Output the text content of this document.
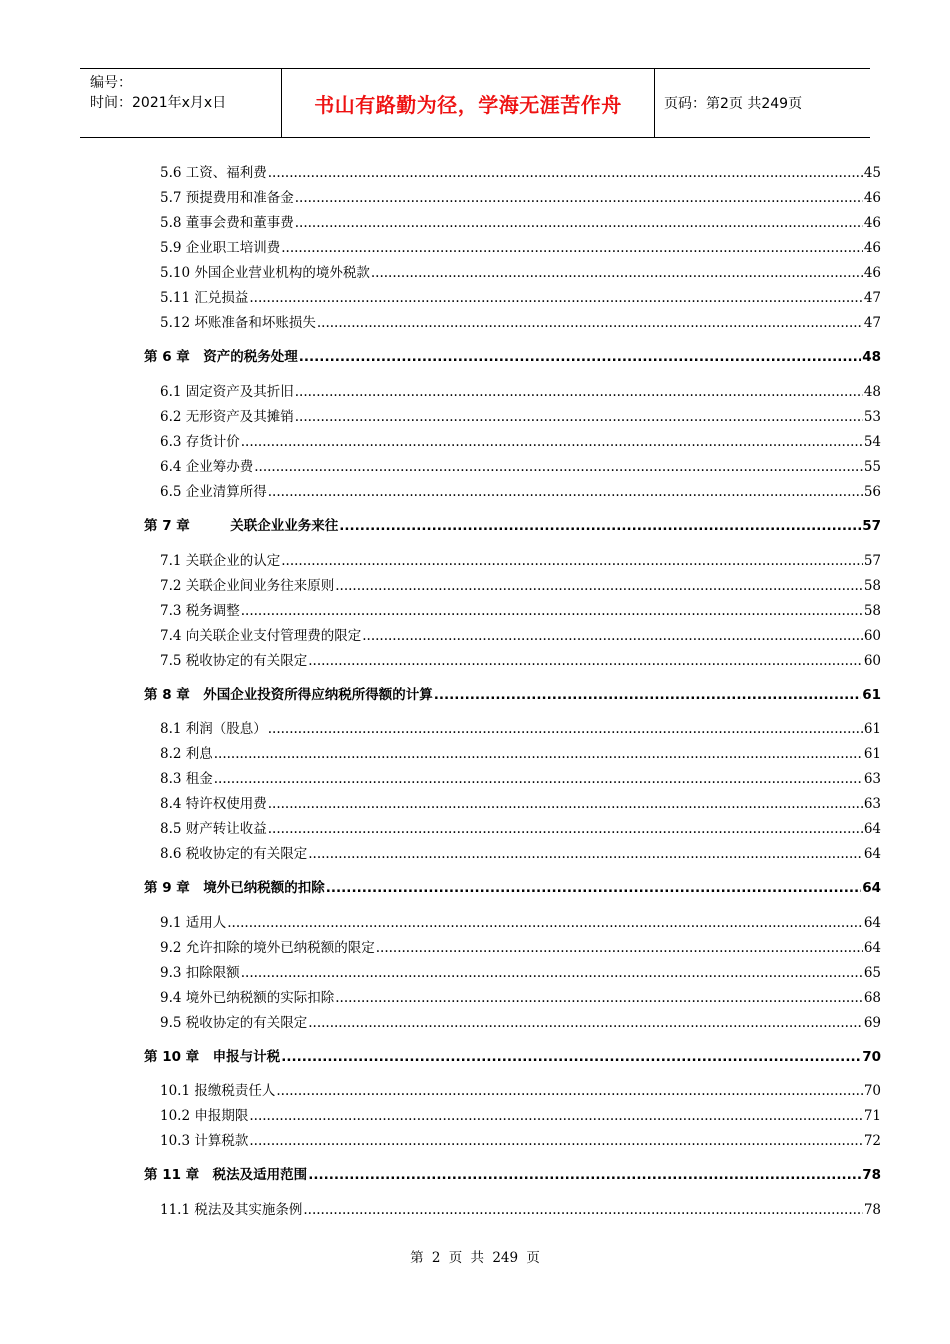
编号：
时间：2021年x月x日	书山有路勤为径，学海无涯苦作舟	页码：第2页 共249页
5.6 工资、福利费 .....	45
5.7 预提费用和准备金 .....	46
5.8 董事会费和董事费 .....	46
5.9 企业职工培训费 .....	46
5.10 外国企业营业机构的境外税款 .....	46
5.11 汇兑损益 .....	47
5.12 坏账准备和坏账损失 .....	47
第 6 章　资产的税务处理 .....	48
6.1 固定资产及其折旧 .....	48
6.2 无形资产及其摊销 .....	53
6.3 存货计价 .....	54
6.4 企业筹办费 .....	55
6.5 企业清算所得 .....	56
第 7 章　　　关联企业业务来往 .....	57
7.1 关联企业的认定 .....	57
7.2 关联企业间业务往来原则 .....	58
7.3 税务调整 .....	58
7.4 向关联企业支付管理费的限定 .....	60
7.5 税收协定的有关限定 .....	60
第 8 章　外国企业投资所得应纳税所得额的计算 .....	61
8.1 利润（股息） .....	61
8.2 利息 .....	61
8.3 租金 .....	63
8.4 特许权使用费 .....	63
8.5 财产转让收益 .....	64
8.6 税收协定的有关限定 .....	64
第 9 章　境外已纳税额的扣除 .....	64
9.1 适用人 .....	64
9.2 允许扣除的境外已纳税额的限定 .....	64
9.3 扣除限额 .....	65
9.4 境外已纳税额的实际扣除 .....	68
9.5 税收协定的有关限定 .....	69
第 10 章　申报与计税 .....	70
10.1 报缴税责任人 .....	70
10.2 申报期限 .....	71
10.3 计算税款 .....	72
第 11 章　税法及适用范围 .....	78
11.1 税法及其实施条例 .....	78
第 2 页 共 249 页
